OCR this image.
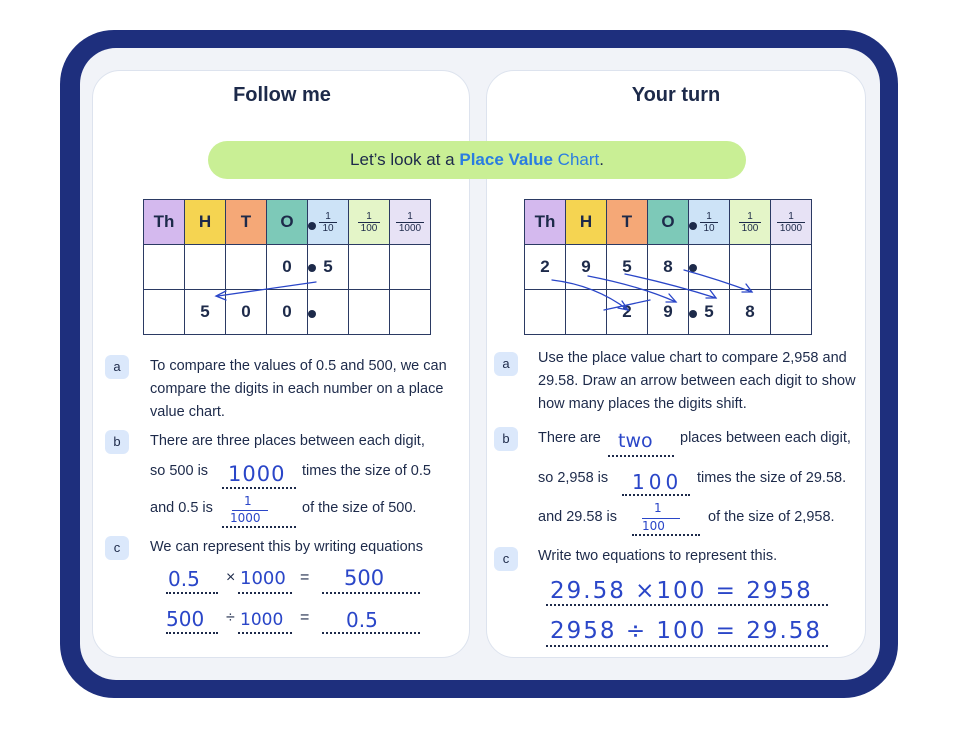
Follow me	Your turn
Let’s look at a Place Value Chart.
Th	H	T	O	$\frac{1}{10}$	$\frac{1}{100}$	$\frac{1}{1000}$

			0	5		
	5	0	0			
Th	H	T	O	$\frac{1}{10}$	$\frac{1}{100}$	$\frac{1}{1000}$

2	9	5	8			
		2	9	5	8	
a	To compare the values of 0.5 and 500, we can compare the digits in each number on a place value chart.
b	There are three places between each digit,
so 500 is 1000 times the size of 0.5
and 0.5 is	1
1000
of the size of 500.
c	We can represent this by writing equations
0.5 × 1000 = 500
500 ÷ 1000 = 0.5
a	Use the place value chart to compare 2,958 and 29.58. Draw an arrow between each digit to show how many places the digits shift.
b	There are two places between each digit,
so 2,958 is 100 times the size of 29.58.
and 29.58 is
1
100
of the size of 2,958.
c	Write two equations to represent this.
29.58 ×100 = 2958
2958 ÷ 100 = 29.58
